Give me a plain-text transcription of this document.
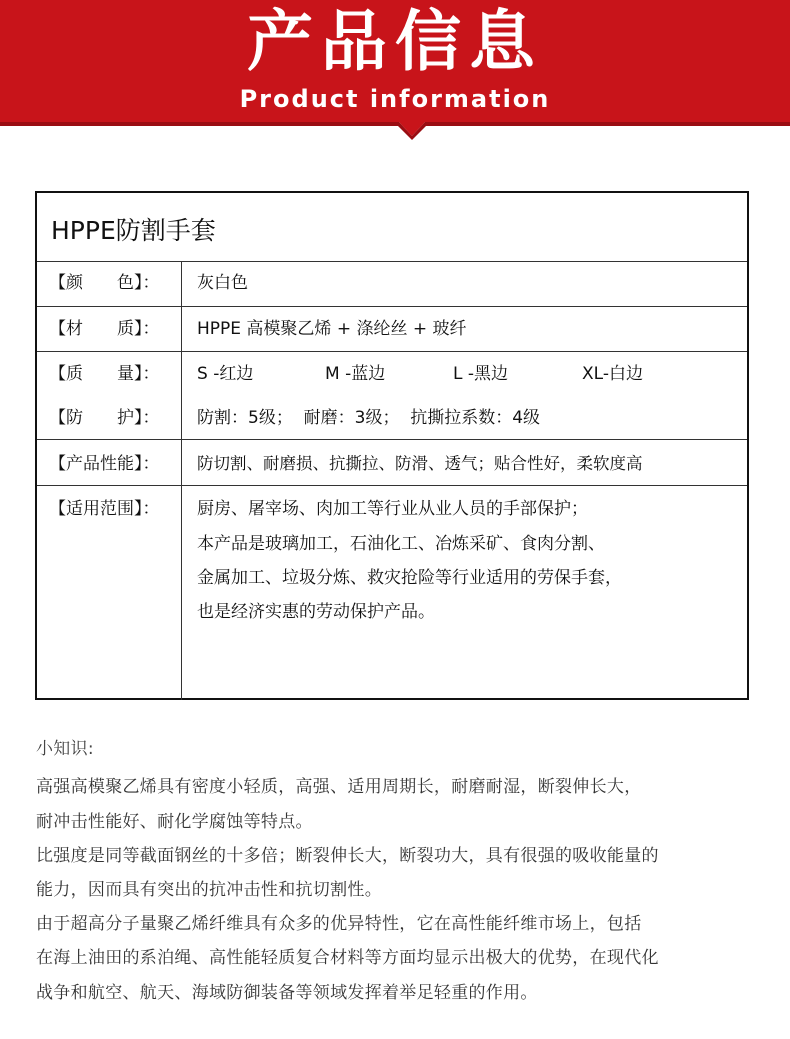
产品信息
Product information
HPPE防割手套
【颜　　色】： 灰白色
【材　　质】： HPPE 高模聚乙烯 + 涤纶丝 + 玻纤
【质　　量】： S -红边	M -蓝边	L -黑边	XL-白边
【防　　护】： 防割：5级；  耐磨：3级；  抗撕拉系数：4级
【产品性能】： 防切割、耐磨损、抗撕拉、防滑、透气；贴合性好，柔软度高
【适用范围】： 厨房、屠宰场、肉加工等行业从业人员的手部保护；
本产品是玻璃加工，石油化工、冶炼采矿、食肉分割、
金属加工、垃圾分炼、救灾抢险等行业适用的劳保手套，
也是经济实惠的劳动保护产品。
小知识:
高强高模聚乙烯具有密度小轻质，高强、适用周期长，耐磨耐湿，断裂伸长大，
耐冲击性能好、耐化学腐蚀等特点。
比强度是同等截面钢丝的十多倍；断裂伸长大，断裂功大，具有很强的吸收能量的
能力，因而具有突出的抗冲击性和抗切割性。
由于超高分子量聚乙烯纤维具有众多的优异特性，它在高性能纤维市场上，包括
在海上油田的系泊绳、高性能轻质复合材料等方面均显示出极大的优势，在现代化
战争和航空、航天、海域防御装备等领域发挥着举足轻重的作用。
